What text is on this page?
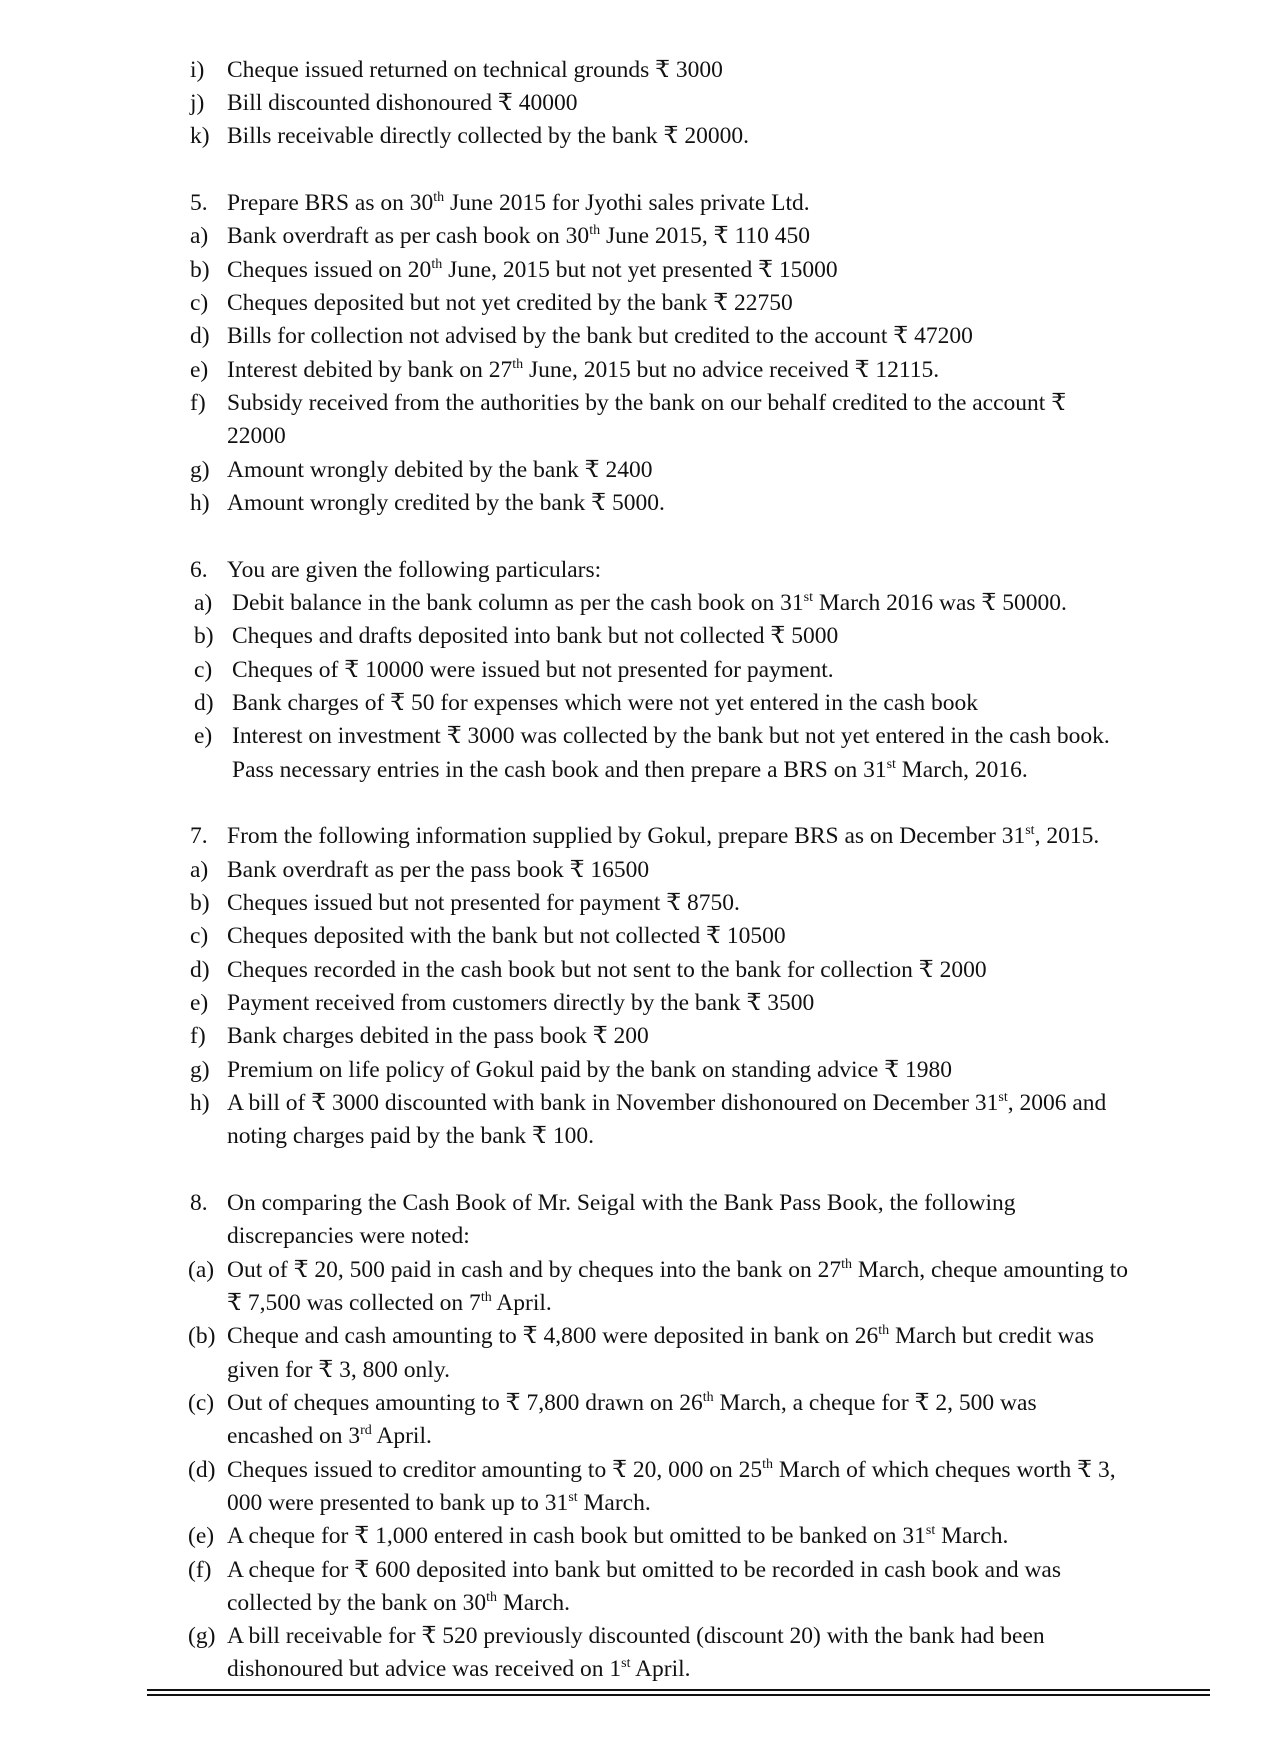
i) Cheque issued returned on technical grounds ₹ 3000
j) Bill discounted dishonoured ₹ 40000
k) Bills receivable directly collected by the bank ₹ 20000.
5. Prepare BRS as on 30th June 2015 for Jyothi sales private Ltd.
a) Bank overdraft as per cash book on 30th June 2015, ₹ 110 450
b) Cheques issued on 20th June, 2015 but not yet presented ₹ 15000
c) Cheques deposited but not yet credited by the bank ₹ 22750
d) Bills for collection not advised by the bank but credited to the account ₹ 47200
e) Interest debited by bank on 27th June, 2015 but no advice received ₹ 12115.
f) Subsidy received from the authorities by the bank on our behalf credited to the account ₹
22000
g) Amount wrongly debited by the bank ₹ 2400
h) Amount wrongly credited by the bank ₹ 5000.
6. You are given the following particulars:
a) Debit balance in the bank column as per the cash book on 31st March 2016 was ₹ 50000.
b) Cheques and drafts deposited into bank but not collected ₹ 5000
c) Cheques of ₹ 10000 were issued but not presented for payment.
d) Bank charges of ₹ 50 for expenses which were not yet entered in the cash book
e) Interest on investment ₹ 3000 was collected by the bank but not yet entered in the cash book.
Pass necessary entries in the cash book and then prepare a BRS on 31st March, 2016.
7. From the following information supplied by Gokul, prepare BRS as on December 31st, 2015.
a) Bank overdraft as per the pass book ₹ 16500
b) Cheques issued but not presented for payment ₹ 8750.
c) Cheques deposited with the bank but not collected ₹ 10500
d) Cheques recorded in the cash book but not sent to the bank for collection ₹ 2000
e) Payment received from customers directly by the bank ₹ 3500
f) Bank charges debited in the pass book ₹ 200
g) Premium on life policy of Gokul paid by the bank on standing advice ₹ 1980
h) A bill of ₹ 3000 discounted with bank in November dishonoured on December 31st, 2006 and
noting charges paid by the bank ₹ 100.
8. On comparing the Cash Book of Mr. Seigal with the Bank Pass Book, the following
discrepancies were noted:
(a) Out of ₹ 20, 500 paid in cash and by cheques into the bank on 27th March, cheque amounting to
₹ 7,500 was collected on 7th April.
(b) Cheque and cash amounting to ₹ 4,800 were deposited in bank on 26th March but credit was
given for ₹ 3, 800 only.
(c) Out of cheques amounting to ₹ 7,800 drawn on 26th March, a cheque for ₹ 2, 500 was
encashed on 3rd April.
(d) Cheques issued to creditor amounting to ₹ 20, 000 on 25th March of which cheques worth ₹ 3,
000 were presented to bank up to 31st March.
(e) A cheque for ₹ 1,000 entered in cash book but omitted to be banked on 31st March.
(f) A cheque for ₹ 600 deposited into bank but omitted to be recorded in cash book and was
collected by the bank on 30th March.
(g) A bill receivable for ₹ 520 previously discounted (discount 20) with the bank had been
dishonoured but advice was received on 1st April.
